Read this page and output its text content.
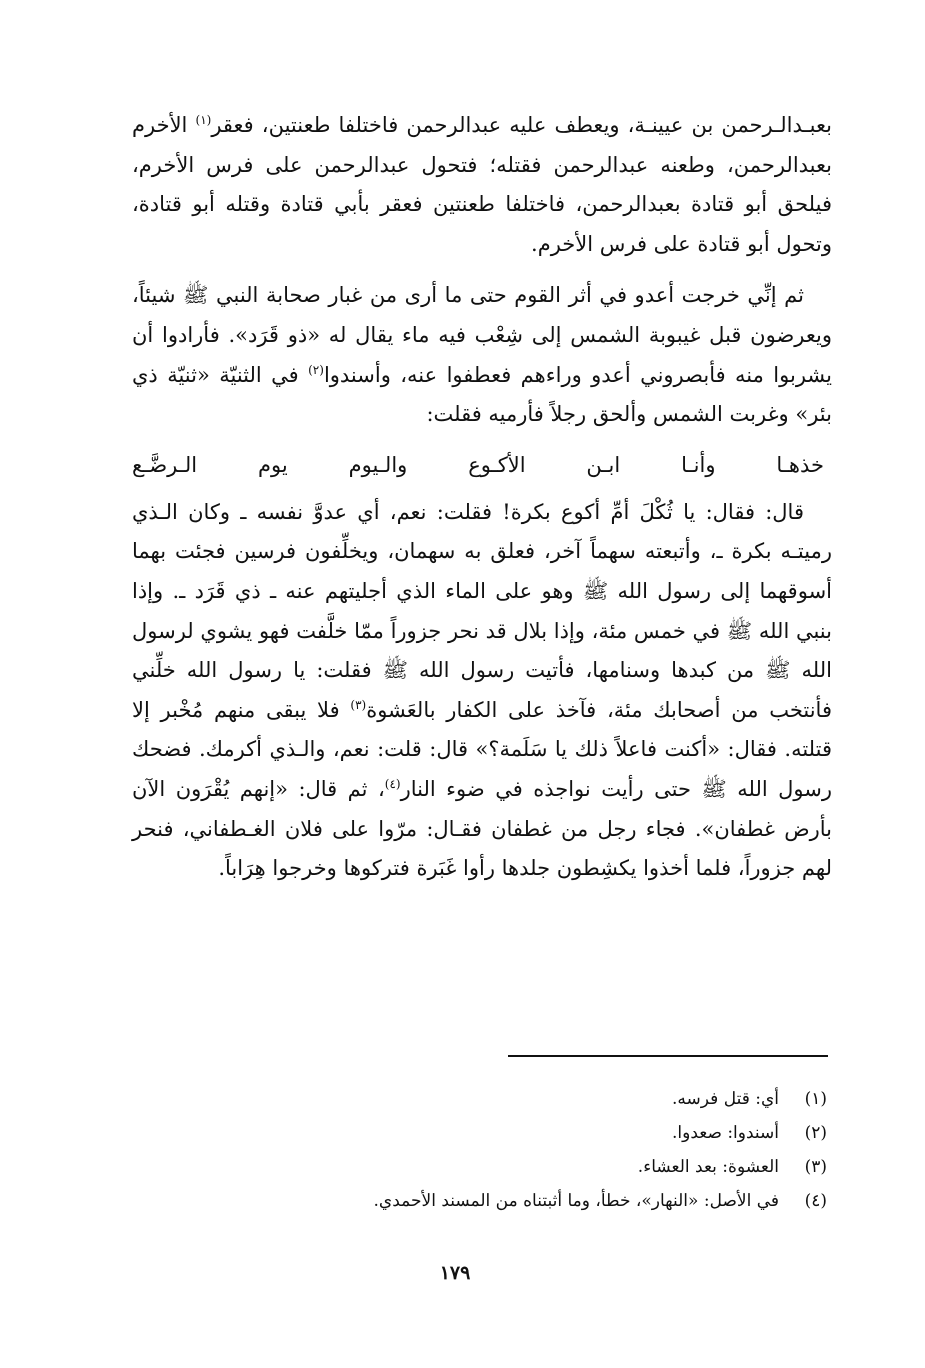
بعبـدالـرحمن بن عيينـة، ويعطف عليه عبدالرحمن فاختلفا طعنتين، فعقر$^{(١)}$ الأخرم بعبدالرحمن، وطعنه عبدالرحمن فقتله؛ فتحول عبدالرحمن على فرس الأخرم، فيلحق أبو قتادة بعبدالرحمن، فاختلفا طعنتين فعقر بأبي قتادة وقتله أبو قتادة، وتحول أبو قتادة على فرس الأخرم.

ثم إنِّي خرجت أعدو في أثر القوم حتى ما أرى من غبار صحابة النبي ﷺ شيئاً، ويعرضون قبل غيبوبة الشمس إلى شِعْب فيه ماء يقال له «ذو قَرَد». فأرادوا أن يشربوا منه فأبصروني أعدو وراءهم فعطفوا عنه، وأسندوا$^{(٢)}$ في الثنيّة «ثنيّة ذي بئر» وغربت الشمس وألحق رجلاً فأرميه فقلت:

خذهـا
وأنـا
ابـن
الأكـوع
والـيوم
يوم
الـرضَّـع

قال: فقال: يا ثُكْلَ أمِّ أكوع بكرة! فقلت: نعم، أي عدوَّ نفسه ـ وكان الـذي رميتـه بكرة ـ، وأتبعته سهماً آخر، فعلق به سهمان، ويخلِّفون فرسين فجئت بهما أسوقهما إلى رسول الله ﷺ وهو على الماء الذي أجليتهم عنه ـ ذي قَرَد ـ. وإذا بنبي الله ﷺ في خمس مئة، وإذا بلال قد نحر جزوراً ممّا خلَّفت فهو يشوي لرسول الله ﷺ من كبدها وسنامها، فأتيت رسول الله ﷺ فقلت: يا رسول الله خلِّني فأنتخب من أصحابك مئة، فآخذ على الكفار بالعَشوة$^{(٣)}$ فلا يبقى منهم مُخْبر إلا قتلته. فقال: «أكنت فاعلاً ذلك يا سَلَمة؟» قال: قلت: نعم، والـذي أكرمك. فضحك رسول الله ﷺ حتى رأيت نواجذه في ضوء النار$^{(٤)}$، ثم قال: «إنهم يُقْرَون الآن بأرض غطفان». فجاء رجل من غطفان فقـال: مرّوا على فلان الغـطفاني، فنحر لهم جزوراً، فلما أخذوا يكشِطون جلدها رأوا غَبَرة فتركوها وخرجوا هِرَاباً.

(١)
أي: قتل فرسه.
(٢)
أسندوا: صعدوا.
(٣)
العشوة: بعد العشاء.
(٤)
في الأصل: «النهار»، خطأ، وما أثبتناه من المسند الأحمدي.
١٧٩
